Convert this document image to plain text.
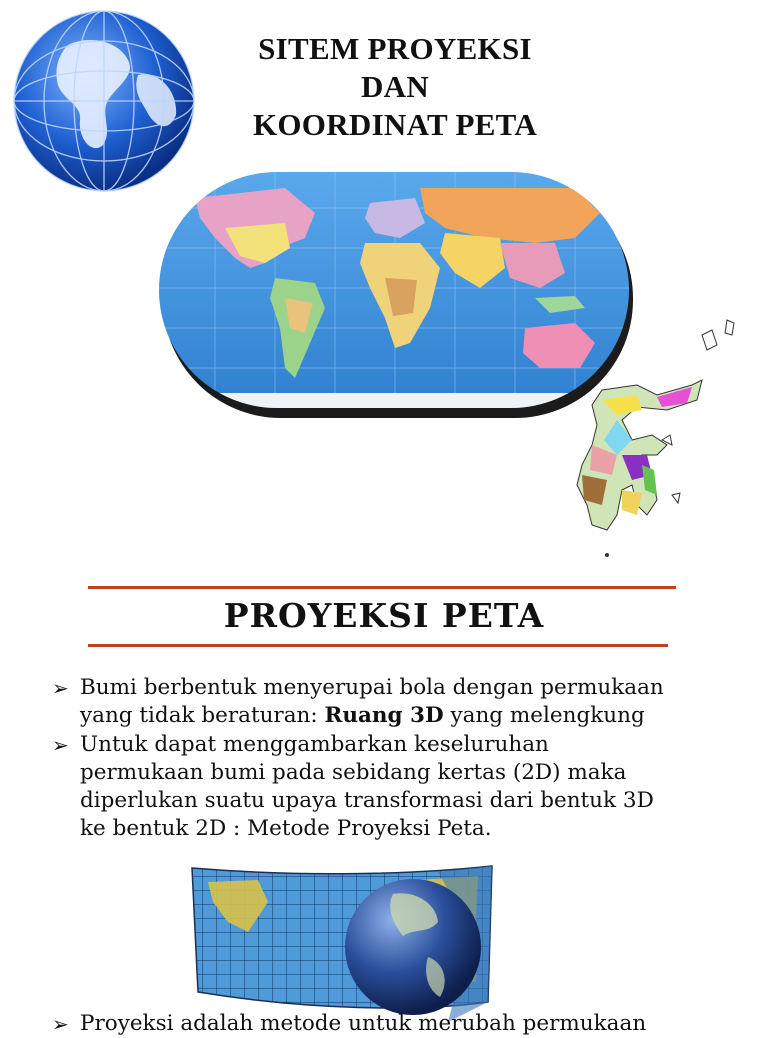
SITEM PROYEKSI
DAN
KOORDINAT PETA
PROYEKSI PETA
➢ Bumi berbentuk menyerupai bola dengan permukaan
yang tidak beraturan: Ruang 3D yang melengkung
➢ Untuk dapat menggambarkan keseluruhan
permukaan bumi pada sebidang kertas (2D) maka
diperlukan suatu upaya transformasi dari bentuk 3D
ke bentuk 2D : Metode Proyeksi Peta.
➢ Proyeksi adalah metode untuk merubah permukaan
